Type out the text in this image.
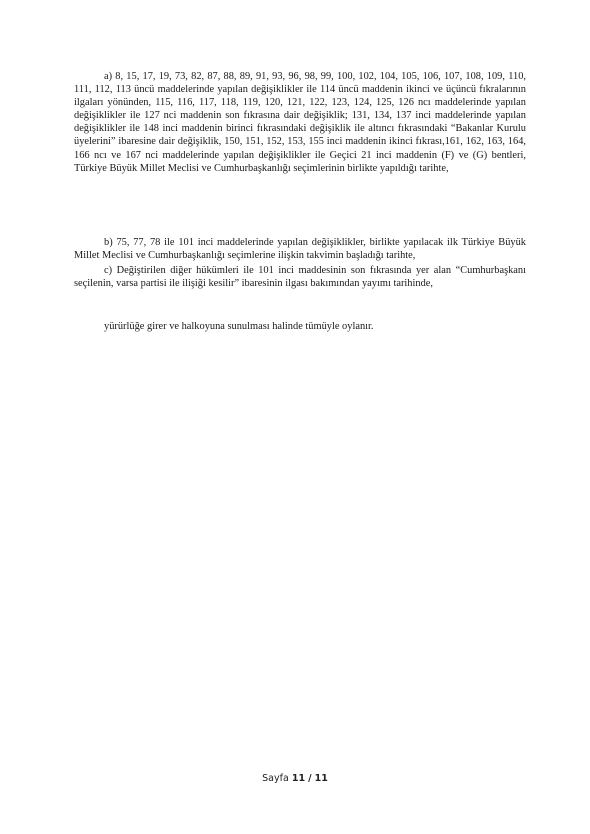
a) 8, 15, 17, 19, 73, 82, 87, 88, 89, 91, 93, 96, 98, 99, 100, 102, 104, 105, 106, 107, 108, 109, 110, 111, 112, 113 üncü maddelerinde yapılan değişiklikler ile 114 üncü maddenin ikinci ve üçüncü fıkralarının ilgaları yönünden, 115, 116, 117, 118, 119, 120, 121, 122, 123, 124, 125, 126 ncı maddelerinde yapılan değişiklikler ile 127 nci maddenin son fıkrasına dair değişiklik; 131, 134, 137 inci maddelerinde yapılan değişiklikler ile 148 inci maddenin birinci fıkrasındaki değişiklik ile altıncı fıkrasındaki “Bakanlar Kurulu üyelerini” ibaresine dair değişiklik, 150, 151, 152, 153, 155 inci maddenin ikinci fıkrası,161, 162, 163, 164, 166 ncı ve 167 nci maddelerinde yapılan değişiklikler ile Geçici 21 inci maddenin (F) ve (G) bentleri, Türkiye Büyük Millet Meclisi ve Cumhurbaşkanlığı seçimlerinin birlikte yapıldığı tarihte,
b) 75, 77, 78 ile 101 inci maddelerinde yapılan değişiklikler, birlikte yapılacak ilk Türkiye Büyük Millet Meclisi ve Cumhurbaşkanlığı seçimlerine ilişkin takvimin başladığı tarihte,
c) Değiştirilen diğer hükümleri ile 101 inci maddesinin son fıkrasında yer alan “Cumhurbaşkanı seçilenin, varsa partisi ile ilişiği kesilir” ibaresinin ilgası bakımından yayımı tarihinde,
yürürlüğe girer ve halkoyuna sunulması halinde tümüyle oylanır.
Sayfa 11 / 11
